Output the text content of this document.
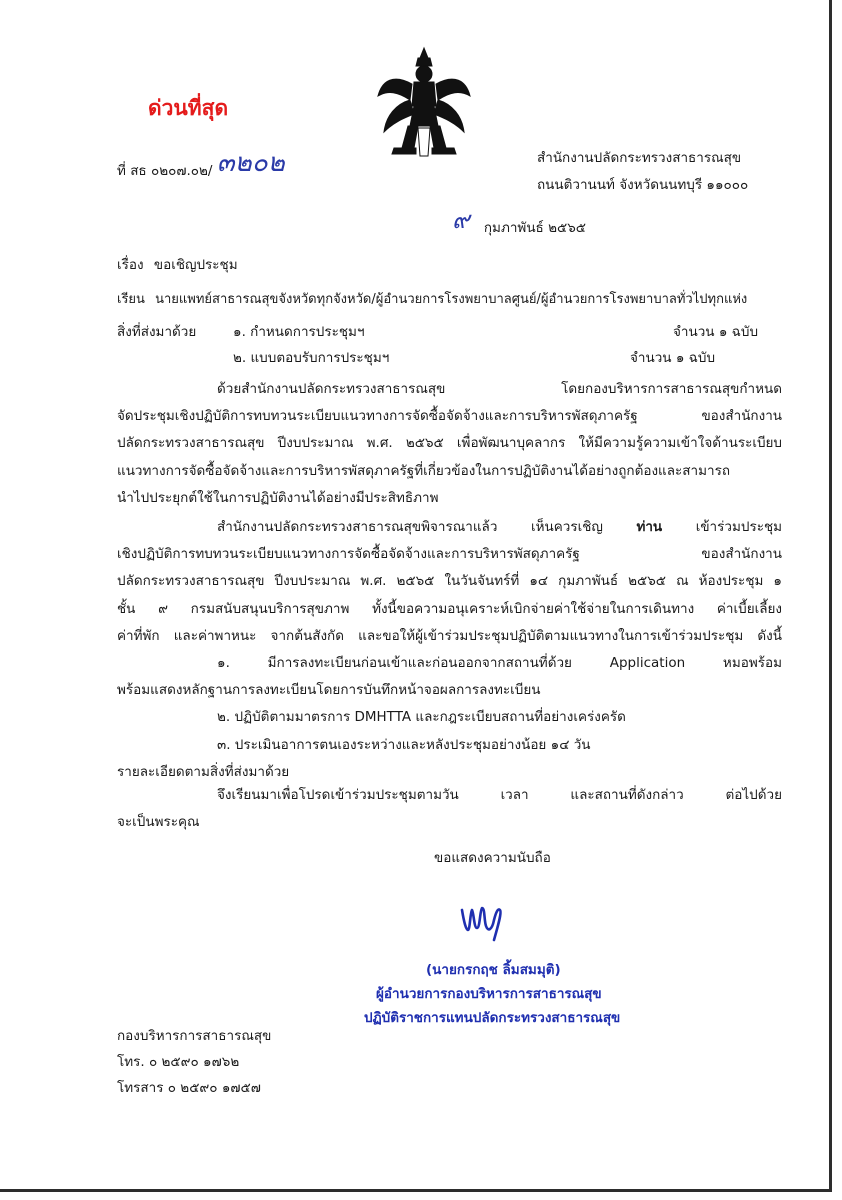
ด่วนที่สุด
ที่ สธ ๐๒๐๗.๐๒/ ๓๒๐๒	สำนักงานปลัดกระทรวงสาธารณสุข
ถนนติวานนท์ จังหวัดนนทบุรี ๑๑๐๐๐
๙ กุมภาพันธ์ ๒๕๖๕
เรื่อง ขอเชิญประชุม
เรียน นายแพทย์สาธารณสุขจังหวัดทุกจังหวัด/ผู้อำนวยการโรงพยาบาลศูนย์/ผู้อำนวยการโรงพยาบาลทั่วไปทุกแห่ง
สิ่งที่ส่งมาด้วย	๑. กำหนดการประชุมฯ	จำนวน ๑ ฉบับ
๒. แบบตอบรับการประชุมฯ	จำนวน ๑ ฉบับ

ด้วยสำนักงานปลัดกระทรวงสาธารณสุข โดยกองบริหารการสาธารณสุขกำหนด

จัดประชุมเชิงปฏิบัติการทบทวนระเบียบแนวทางการจัดซื้อจัดจ้างและการบริหารพัสดุภาครัฐ ของสำนักงาน

ปลัดกระทรวงสาธารณสุข ปีงบประมาณ พ.ศ. ๒๕๖๕ เพื่อพัฒนาบุคลากร ให้มีความรู้ความเข้าใจด้านระเบียบ

แนวทางการจัดซื้อจัดจ้างและการบริหารพัสดุภาครัฐที่เกี่ยวข้องในการปฏิบัติงานได้อย่างถูกต้องและสามารถ

นำไปประยุกต์ใช้ในการปฏิบัติงานได้อย่างมีประสิทธิภาพ

สำนักงานปลัดกระทรวงสาธารณสุขพิจารณาแล้ว เห็นควรเชิญ ท่าน เข้าร่วมประชุม

เชิงปฏิบัติการทบทวนระเบียบแนวทางการจัดซื้อจัดจ้างและการบริหารพัสดุภาครัฐ ของสำนักงาน

ปลัดกระทรวงสาธารณสุข ปีงบประมาณ พ.ศ. ๒๕๖๕ ในวันจันทร์ที่ ๑๔ กุมภาพันธ์ ๒๕๖๕ ณ ห้องประชุม ๑

ชั้น ๙ กรมสนับสนุนบริการสุขภาพ ทั้งนี้ขอความอนุเคราะห์เบิกจ่ายค่าใช้จ่ายในการเดินทาง ค่าเบี้ยเลี้ยง

ค่าที่พัก และค่าพาหนะ จากต้นสังกัด และขอให้ผู้เข้าร่วมประชุมปฏิบัติตามแนวทางในการเข้าร่วมประชุม ดังนี้

๑. มีการลงทะเบียนก่อนเข้าและก่อนออกจากสถานที่ด้วย Application หมอพร้อม

พร้อมแสดงหลักฐานการลงทะเบียนโดยการบันทึกหน้าจอผลการลงทะเบียน

๒. ปฏิบัติตามมาตรการ DMHTTA และกฎระเบียบสถานที่อย่างเคร่งครัด

๓. ประเมินอาการตนเองระหว่างและหลังประชุมอย่างน้อย ๑๔ วัน

รายละเอียดตามสิ่งที่ส่งมาด้วย

จึงเรียนมาเพื่อโปรดเข้าร่วมประชุมตามวัน เวลา และสถานที่ดังกล่าว ต่อไปด้วย

จะเป็นพระคุณ

ขอแสดงความนับถือ
(นายกรกฤช ลิ้มสมมุติ)
ผู้อำนวยการกองบริหารการสาธารณสุข
ปฏิบัติราชการแทนปลัดกระทรวงสาธารณสุข
กองบริหารการสาธารณสุข
โทร. ๐ ๒๕๙๐ ๑๗๖๒
โทรสาร ๐ ๒๕๙๐ ๑๗๕๗
